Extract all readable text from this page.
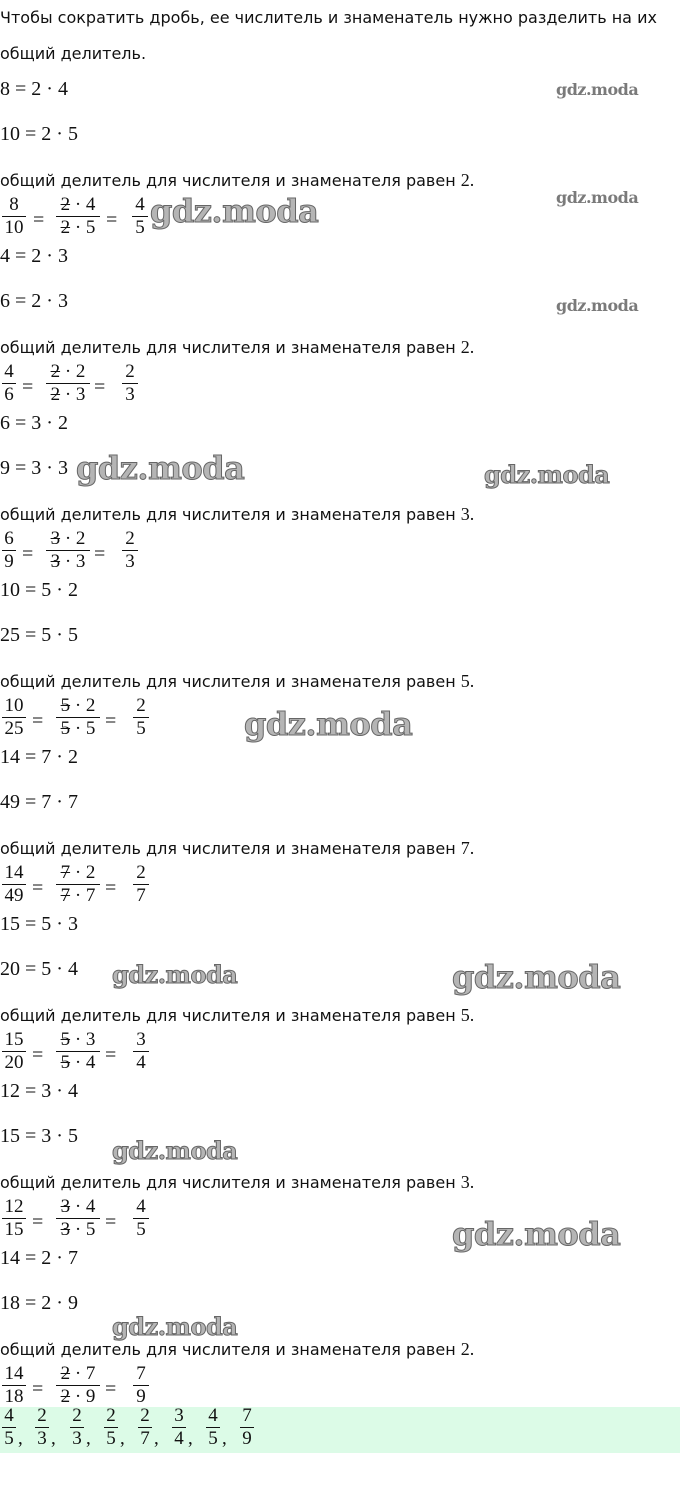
Чтобы сократить дробь, ее числитель и знаменатель нужно разделить на их
общий делитель.
8 = 2 · 4
10 = 2 · 5
общий делитель для числителя и знаменателя равен 2.
8
10 =
2 · 4
2 · 5 =
4
5
4 = 2 · 3
6 = 2 · 3
общий делитель для числителя и знаменателя равен 2.
4
6 =
2 · 2
2 · 3 =
2
3
6 = 3 · 2
9 = 3 · 3
общий делитель для числителя и знаменателя равен 3.
6
9 =
3 · 2
3 · 3 =
2
3
10 = 5 · 2
25 = 5 · 5
общий делитель для числителя и знаменателя равен 5.
10
25 =
5 · 2
5 · 5 =
2
5
14 = 7 · 2
49 = 7 · 7
общий делитель для числителя и знаменателя равен 7.
14
49 =
7 · 2
7 · 7 =
2
7
15 = 5 · 3
20 = 5 · 4
общий делитель для числителя и знаменателя равен 5.
15
20 =
5 · 3
5 · 4 =
3
4
12 = 3 · 4
15 = 3 · 5
общий делитель для числителя и знаменателя равен 3.
12
15 =
3 · 4
3 · 5 =
4
5
14 = 2 · 7
18 = 2 · 9
общий делитель для числителя и знаменателя равен 2.
14
18 =
2 · 7
2 · 9 =
7
9
4
5 ,
2
3 ,
2
3 ,
2
5 ,
2
7 ,
3
4 ,
4
5 ,
7
9
gdz.moda
gdz.moda
gdz.moda
gdz.moda
gdz.moda	gdz.moda
gdz.moda
gdz.moda	gdz.moda
gdz.moda
gdz.moda
gdz.moda
